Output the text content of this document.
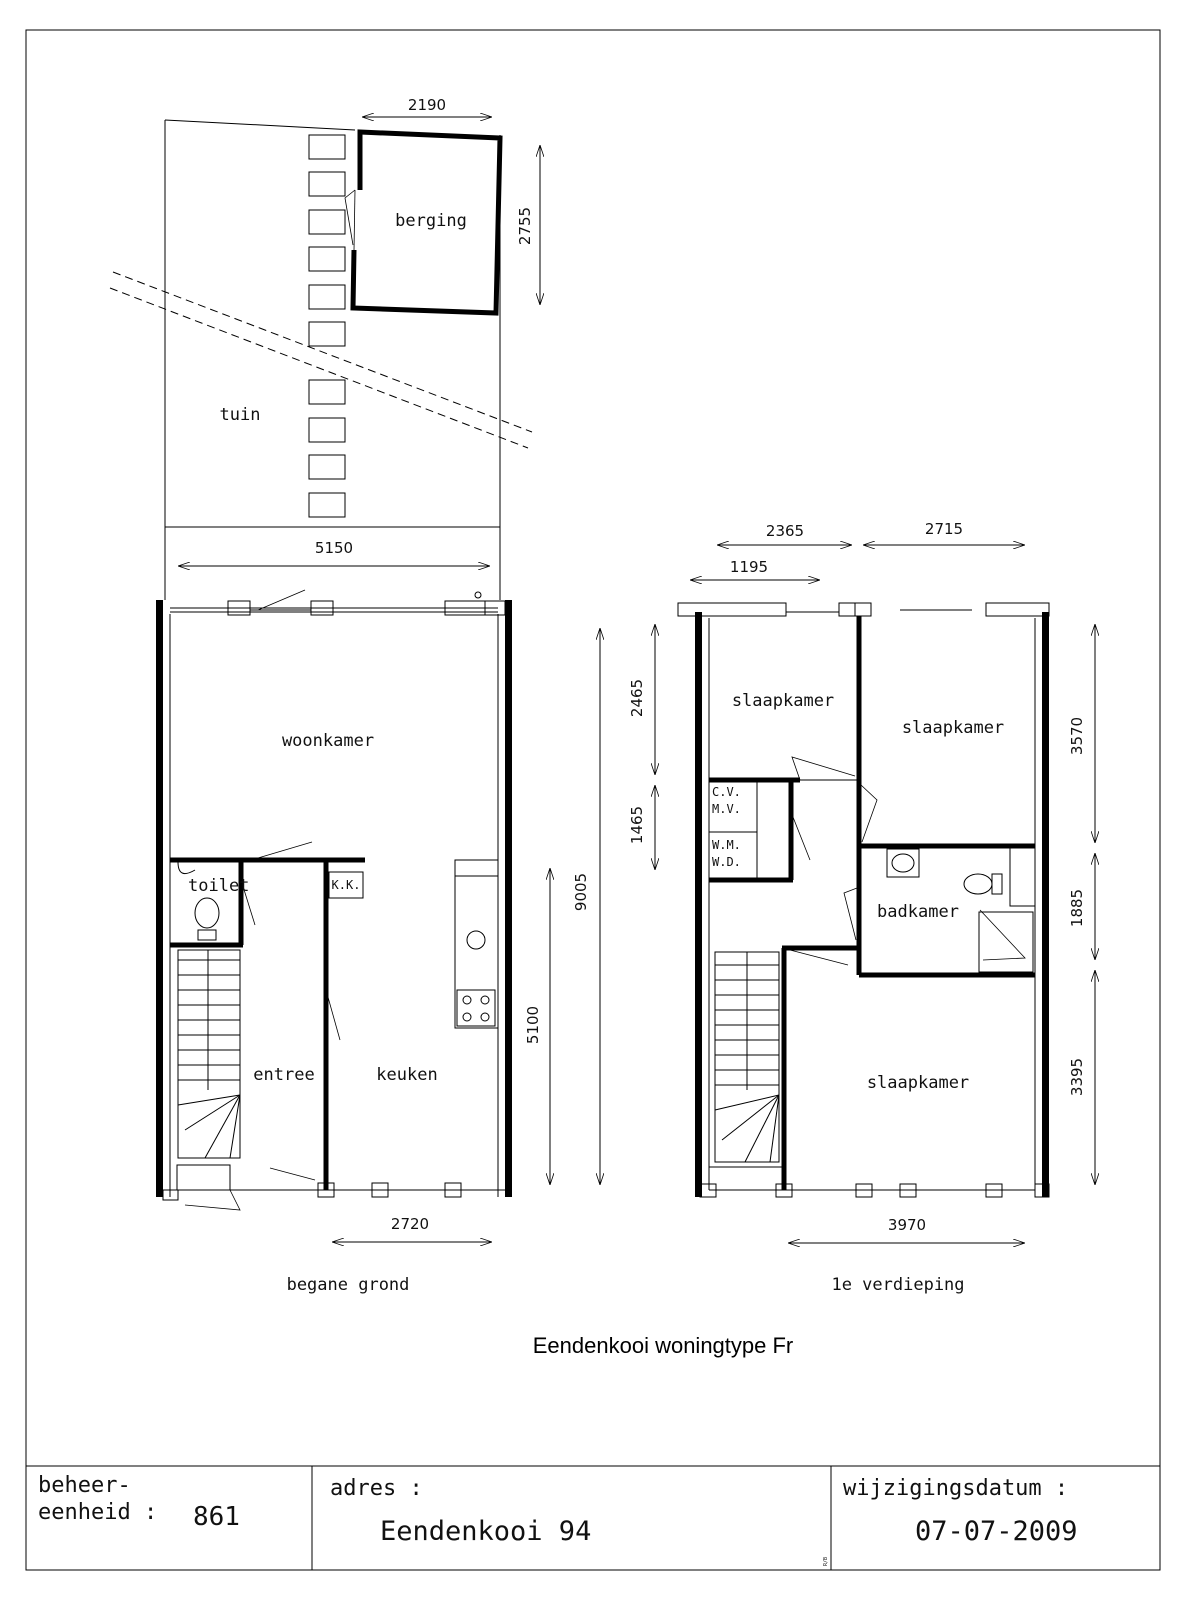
berging
tuin
2190
2755
5150
woonkamer
toilet
entree	keuken
K.K.	9005
5100
2720
begane grond
slaapkamer
slaapkamer
slaapkamer
badkamer
C.V.
M.V.
W.M.
W.D.
2365	2715
1195
3970
2465
1465
3570
1885
3395
1e verdieping
Eendenkooi woningtype Fr
beheer-
eenheid : 861
adres :
Eendenkooi 94
wijzigingsdatum :
07-07-2009
R/B
